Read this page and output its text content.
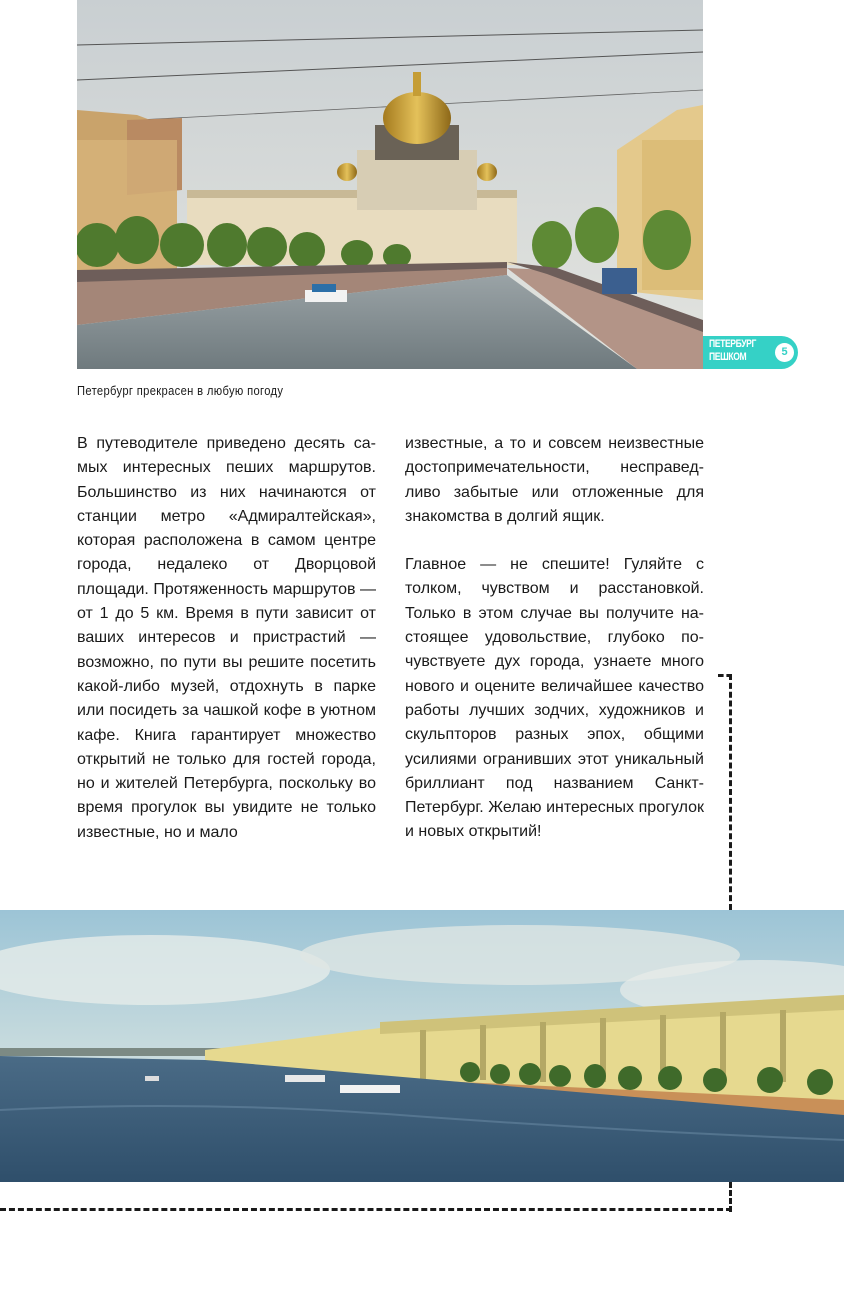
ПЕТЕРБУРГ
ПЕШКОМ	5
Петербург прекрасен в любую погоду

В путеводителе приведено десять самых интересных пеших маршрутов. Большинство из них начинаются от станции метро «Адмиралтейская», которая расположена в самом центре города, недалеко от Дворцовой площади. Протяженность маршрутов — от 1 до 5 км. Время в пути зависит от ваших интересов и пристрастий — возможно, по пути вы решите посетить какой-либо музей, отдохнуть в парке или посидеть за чашкой кофе в уютном кафе. Книга гарантирует множество открытий не только для гостей города, но и жителей Петербурга, поскольку во время прогулок вы увидите не только известные, но и мало

известные, а то и совсем неизвестные достопримечательности, несправедливо забытые или отложенные для знакомства в долгий ящик.

Главное — не спешите! Гуляйте с толком, чувством и расстановкой. Только в этом случае вы получите настоящее удовольствие, глубоко почувствуете дух города, узнаете много нового и оцените величайшее качество работы лучших зодчих, художников и скульпторов разных эпох, общими усилиями огранивших этот уникальный бриллиант под названием Санкт-Петербург. Желаю интересных прогулок и новых открытий!
